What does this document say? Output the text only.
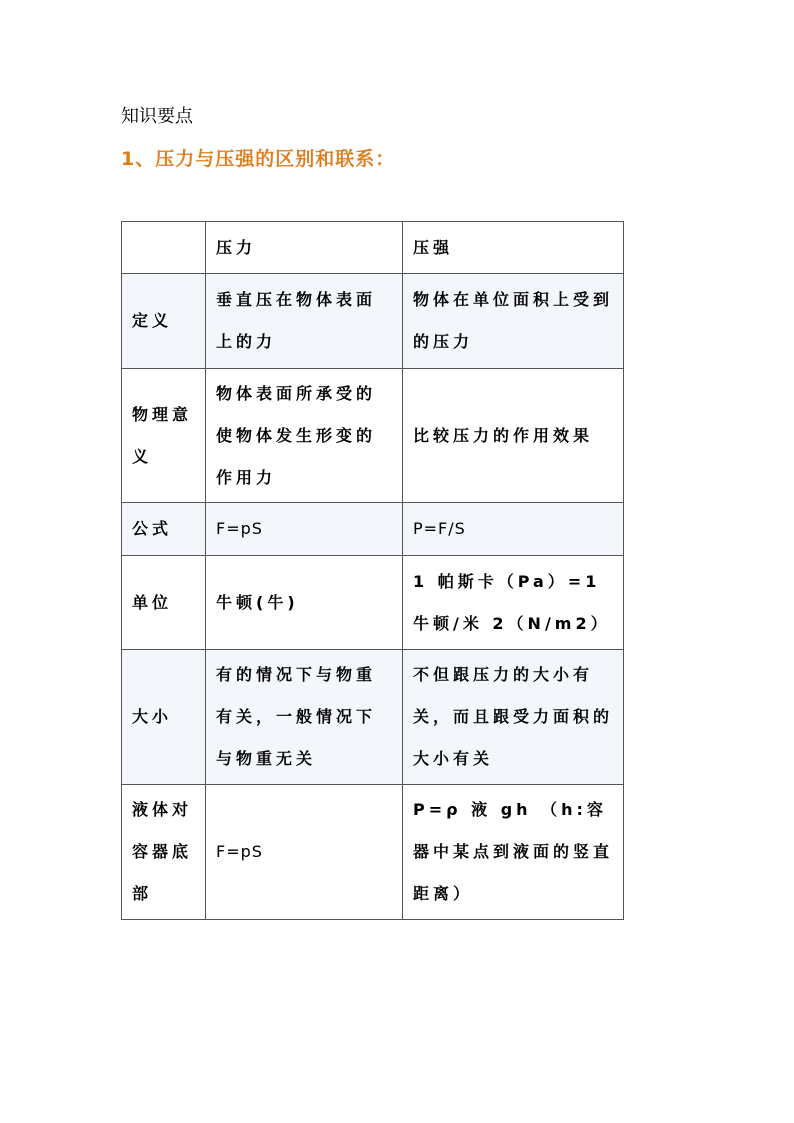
知识要点
1、压力与压强的区别和联系：
	压力	压强
定义	垂直压在物体表面上的力	物体在单位面积上受到的压力
物理意义	物体表面所承受的使物体发生形变的作用力	比较压力的作用效果
公式	F=pS	P=F/S
单位	牛顿(牛)	1 帕斯卡（Pa）=1 牛顿/米 2（N/m2）
大小	有的情况下与物重有关，一般情况下与物重无关	不但跟压力的大小有关，而且跟受力面积的大小有关
液体对容器底部	F=pS	P=ρ 液 gh （h:容器中某点到液面的竖直距离）
